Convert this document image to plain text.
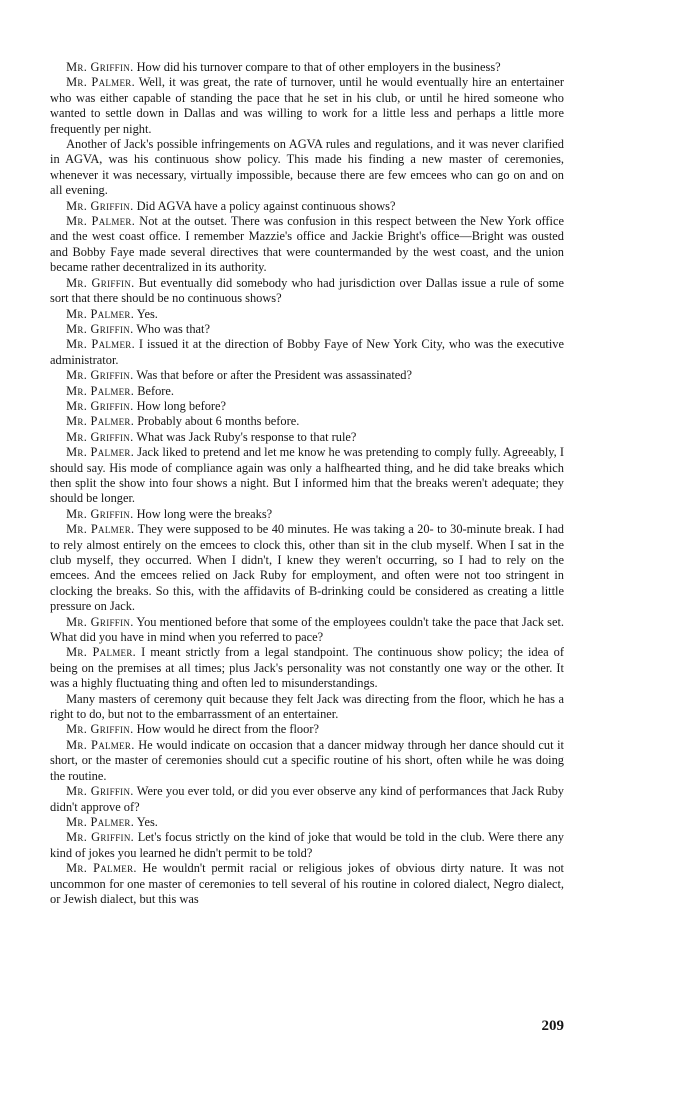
Mr. Griffin. How did his turnover compare to that of other employers in the business?

Mr. Palmer. Well, it was great, the rate of turnover, until he would eventually hire an entertainer who was either capable of standing the pace that he set in his club, or until he hired someone who wanted to settle down in Dallas and was willing to work for a little less and perhaps a little more frequently per night.

Another of Jack's possible infringements on AGVA rules and regulations, and it was never clarified in AGVA, was his continuous show policy. This made his finding a new master of ceremonies, whenever it was necessary, virtually impossible, because there are few emcees who can go on and on all evening.

Mr. Griffin. Did AGVA have a policy against continuous shows?

Mr. Palmer. Not at the outset. There was confusion in this respect between the New York office and the west coast office. I remember Mazzie's office and Jackie Bright's office—Bright was ousted and Bobby Faye made several directives that were countermanded by the west coast, and the union became rather decentralized in its authority.

Mr. Griffin. But eventually did somebody who had jurisdiction over Dallas issue a rule of some sort that there should be no continuous shows?

Mr. Palmer. Yes.

Mr. Griffin. Who was that?

Mr. Palmer. I issued it at the direction of Bobby Faye of New York City, who was the executive administrator.

Mr. Griffin. Was that before or after the President was assassinated?

Mr. Palmer. Before.

Mr. Griffin. How long before?

Mr. Palmer. Probably about 6 months before.

Mr. Griffin. What was Jack Ruby's response to that rule?

Mr. Palmer. Jack liked to pretend and let me know he was pretending to comply fully. Agreeably, I should say. His mode of compliance again was only a halfhearted thing, and he did take breaks which then split the show into four shows a night. But I informed him that the breaks weren't adequate; they should be longer.

Mr. Griffin. How long were the breaks?

Mr. Palmer. They were supposed to be 40 minutes. He was taking a 20- to 30-minute break. I had to rely almost entirely on the emcees to clock this, other than sit in the club myself. When I sat in the club myself, they occurred. When I didn't, I knew they weren't occurring, so I had to rely on the emcees. And the emcees relied on Jack Ruby for employment, and often were not too stringent in clocking the breaks. So this, with the affidavits of B-drinking could be considered as creating a little pressure on Jack.

Mr. Griffin. You mentioned before that some of the employees couldn't take the pace that Jack set. What did you have in mind when you referred to pace?

Mr. Palmer. I meant strictly from a legal standpoint. The continuous show policy; the idea of being on the premises at all times; plus Jack's personality was not constantly one way or the other. It was a highly fluctuating thing and often led to misunderstandings.

Many masters of ceremony quit because they felt Jack was directing from the floor, which he has a right to do, but not to the embarrassment of an entertainer.

Mr. Griffin. How would he direct from the floor?

Mr. Palmer. He would indicate on occasion that a dancer midway through her dance should cut it short, or the master of ceremonies should cut a specific routine of his short, often while he was doing the routine.

Mr. Griffin. Were you ever told, or did you ever observe any kind of performances that Jack Ruby didn't approve of?

Mr. Palmer. Yes.

Mr. Griffin. Let's focus strictly on the kind of joke that would be told in the club. Were there any kind of jokes you learned he didn't permit to be told?

Mr. Palmer. He wouldn't permit racial or religious jokes of obvious dirty nature. It was not uncommon for one master of ceremonies to tell several of his routine in colored dialect, Negro dialect, or Jewish dialect, but this was

209
